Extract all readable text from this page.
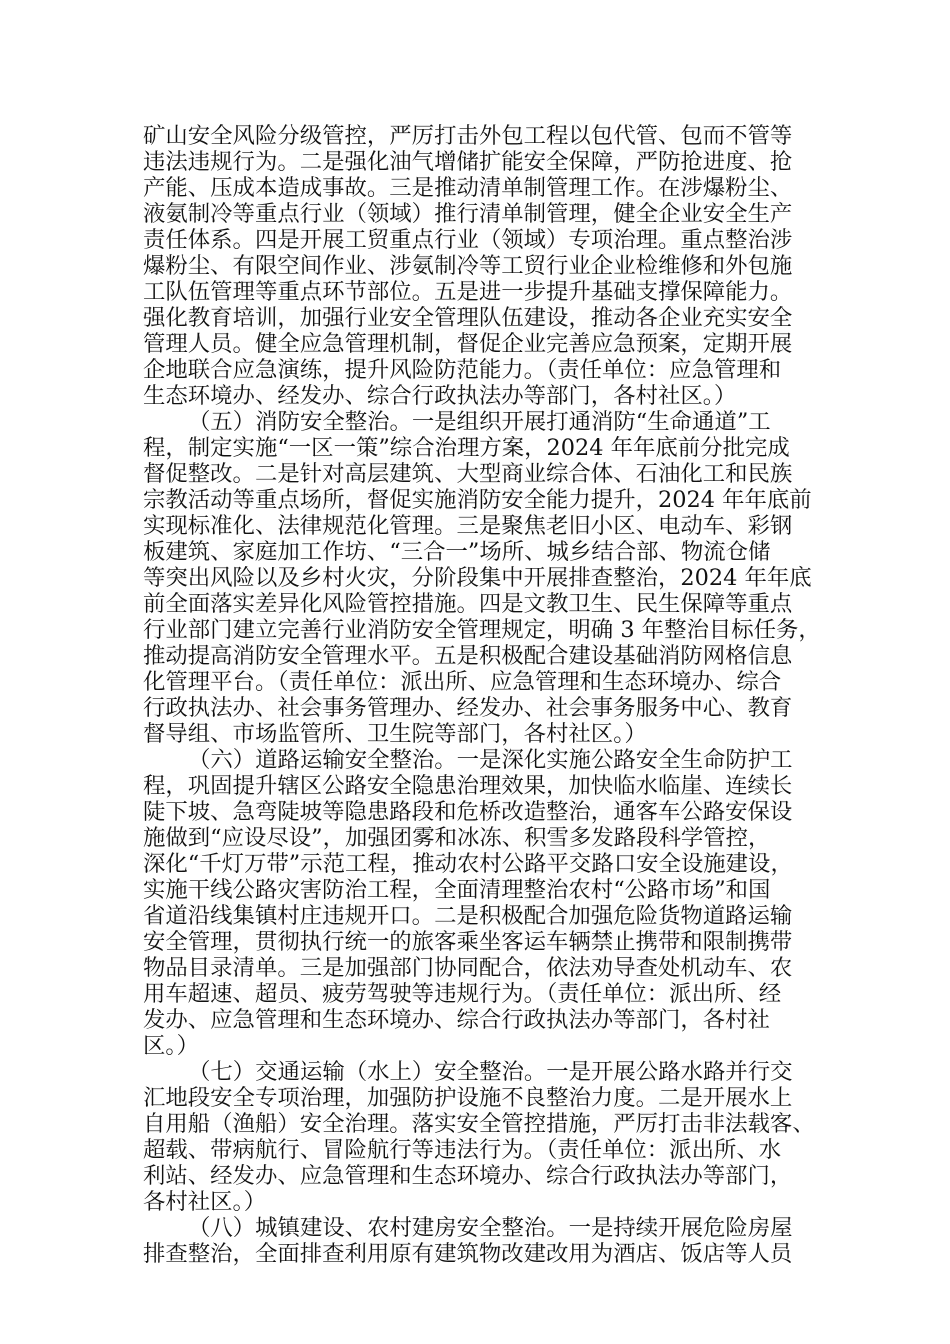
矿山安全风险分级管控，严厉打击外包工程以包代管、包而不管等
违法违规行为。二是强化油气增储扩能安全保障，严防抢进度、抢
产能、压成本造成事故。三是推动清单制管理工作。在涉爆粉尘、
液氨制冷等重点行业（领域）推行清单制管理，健全企业安全生产
责任体系。四是开展工贸重点行业（领域）专项治理。重点整治涉
爆粉尘、有限空间作业、涉氨制冷等工贸行业企业检维修和外包施
工队伍管理等重点环节部位。五是进一步提升基础支撑保障能力。
强化教育培训，加强行业安全管理队伍建设，推动各企业充实安全
管理人员。健全应急管理机制，督促企业完善应急预案，定期开展
企地联合应急演练，提升风险防范能力。（责任单位：应急管理和
生态环境办、经发办、综合行政执法办等部门，各村社区。）
（五）消防安全整治。一是组织开展打通消防“生命通道”工
程，制定实施“一区一策”综合治理方案，2024 年年底前分批完成
督促整改。二是针对高层建筑、大型商业综合体、石油化工和民族
宗教活动等重点场所，督促实施消防安全能力提升，2024 年年底前
实现标准化、法律规范化管理。三是聚焦老旧小区、电动车、彩钢
板建筑、家庭加工作坊、“三合一”场所、城乡结合部、物流仓储
等突出风险以及乡村火灾，分阶段集中开展排查整治，2024 年年底
前全面落实差异化风险管控措施。四是文教卫生、民生保障等重点
行业部门建立完善行业消防安全管理规定，明确 3 年整治目标任务，
推动提高消防安全管理水平。五是积极配合建设基础消防网格信息
化管理平台。（责任单位：派出所、应急管理和生态环境办、综合
行政执法办、社会事务管理办、经发办、社会事务服务中心、教育
督导组、市场监管所、卫生院等部门，各村社区。）
（六）道路运输安全整治。一是深化实施公路安全生命防护工
程，巩固提升辖区公路安全隐患治理效果，加快临水临崖、连续长
陡下坡、急弯陡坡等隐患路段和危桥改造整治，通客车公路安保设
施做到“应设尽设”，加强团雾和冰冻、积雪多发路段科学管控，
深化“千灯万带”示范工程，推动农村公路平交路口安全设施建设，
实施干线公路灾害防治工程，全面清理整治农村“公路市场”和国
省道沿线集镇村庄违规开口。二是积极配合加强危险货物道路运输
安全管理，贯彻执行统一的旅客乘坐客运车辆禁止携带和限制携带
物品目录清单。三是加强部门协同配合，依法劝导查处机动车、农
用车超速、超员、疲劳驾驶等违规行为。（责任单位：派出所、经
发办、应急管理和生态环境办、综合行政执法办等部门，各村社
区。）
（七）交通运输（水上）安全整治。一是开展公路水路并行交
汇地段安全专项治理，加强防护设施不良整治力度。二是开展水上
自用船（渔船）安全治理。落实安全管控措施，严厉打击非法载客、
超载、带病航行、冒险航行等违法行为。（责任单位：派出所、水
利站、经发办、应急管理和生态环境办、综合行政执法办等部门，
各村社区。）
（八）城镇建设、农村建房安全整治。一是持续开展危险房屋
排查整治，全面排查利用原有建筑物改建改用为酒店、饭店等人员
